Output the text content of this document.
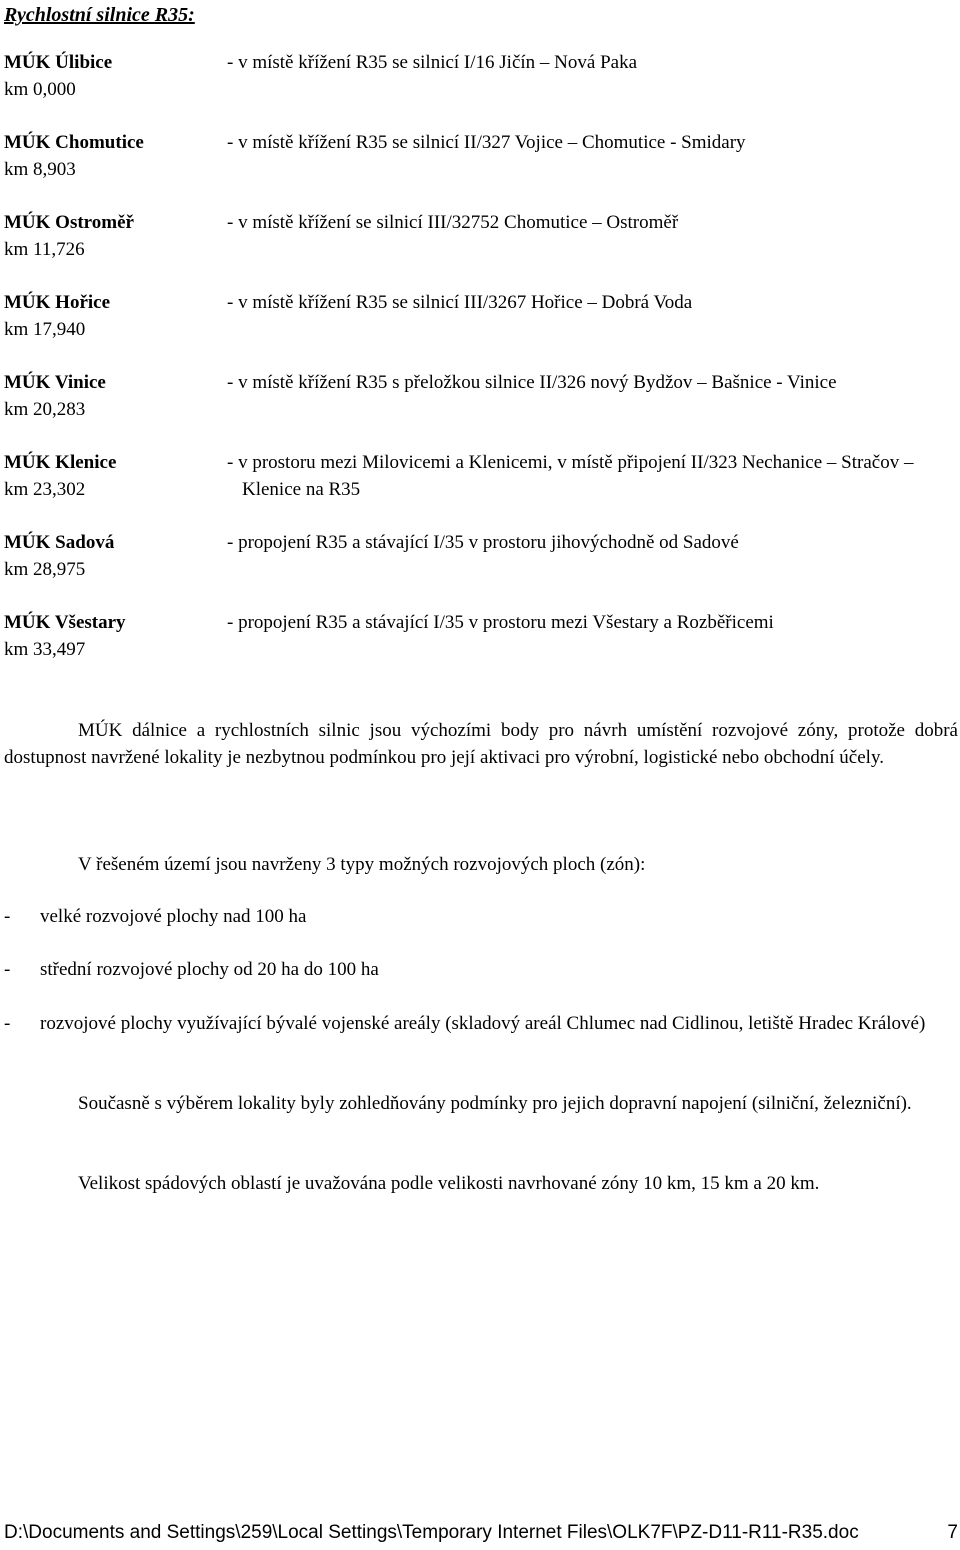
Rychlostní silnice R35:
MÚK Úlibice
km 0,000
- v místě křížení R35 se silnicí I/16 Jičín – Nová Paka
MÚK Chomutice
km 8,903
- v místě křížení R35 se silnicí II/327 Vojice – Chomutice - Smidary
MÚK Ostroměř
km 11,726
- v místě křížení se silnicí III/32752 Chomutice – Ostroměř
MÚK Hořice
km 17,940
- v místě křížení R35 se silnicí III/3267 Hořice – Dobrá Voda
MÚK Vinice
km 20,283
- v místě křížení R35 s přeložkou silnice II/326 nový Bydžov – Bašnice - Vinice
MÚK Klenice
km 23,302
- v prostoru mezi Milovicemi a Klenicemi, v místě připojení II/323 Nechanice – Stračov – Klenice na R35
MÚK Sadová
km 28,975
- propojení R35 a stávající I/35 v prostoru jihovýchodně od Sadové
MÚK Všestary
km 33,497
- propojení R35 a stávající I/35 v prostoru mezi Všestary a Rozběřicemi
MÚK dálnice a rychlostních silnic jsou výchozími body pro návrh umístění rozvojové zóny, protože dobrá dostupnost navržené lokality je nezbytnou podmínkou pro její aktivaci pro výrobní, logistické nebo obchodní účely.
V řešeném území jsou navrženy 3 typy možných rozvojových ploch (zón):
- velké rozvojové plochy nad 100 ha
- střední rozvojové plochy od 20 ha do 100 ha
- rozvojové plochy využívající bývalé vojenské areály (skladový areál Chlumec nad Cidlinou, letiště Hradec Králové)
Současně s výběrem lokality byly zohledňovány podmínky pro jejich dopravní napojení (silniční, železniční).
Velikost spádových oblastí je uvažována podle velikosti navrhované zóny 10 km, 15 km a 20 km.
D:\Documents and Settings\259\Local Settings\Temporary Internet Files\OLK7F\PZ-D11-R11-R35.doc	7
